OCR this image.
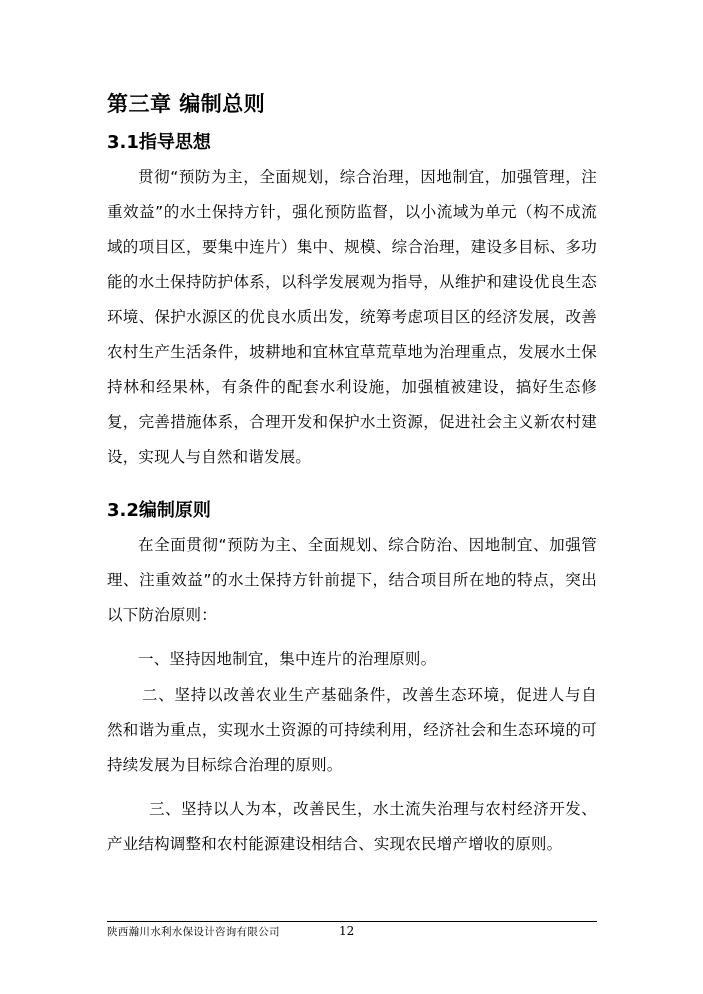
第三章 编制总则
3.1指导思想
贯彻“预防为主，全面规划，综合治理，因地制宜，加强管理，注重效益”的水土保持方针，强化预防监督，以小流域为单元（构不成流域的项目区，要集中连片）集中、规模、综合治理，建设多目标、多功能的水土保持防护体系，以科学发展观为指导，从维护和建设优良生态环境、保护水源区的优良水质出发，统筹考虑项目区的经济发展，改善农村生产生活条件，坡耕地和宜林宜草荒草地为治理重点，发展水土保持林和经果林，有条件的配套水利设施，加强植被建设，搞好生态修复，完善措施体系，合理开发和保护水土资源，促进社会主义新农村建设，实现人与自然和谐发展。
3.2编制原则
在全面贯彻“预防为主、全面规划、综合防治、因地制宜、加强管理、注重效益”的水土保持方针前提下，结合项目所在地的特点，突出以下防治原则：
一、坚持因地制宜，集中连片的治理原则。
二、坚持以改善农业生产基础条件，改善生态环境，促进人与自然和谐为重点，实现水土资源的可持续利用，经济社会和生态环境的可持续发展为目标综合治理的原则。
三、坚持以人为本，改善民生，水土流失治理与农村经济开发、产业结构调整和农村能源建设相结合、实现农民增产增收的原则。
陕西瀚川水利水保设计咨询有限公司	12
